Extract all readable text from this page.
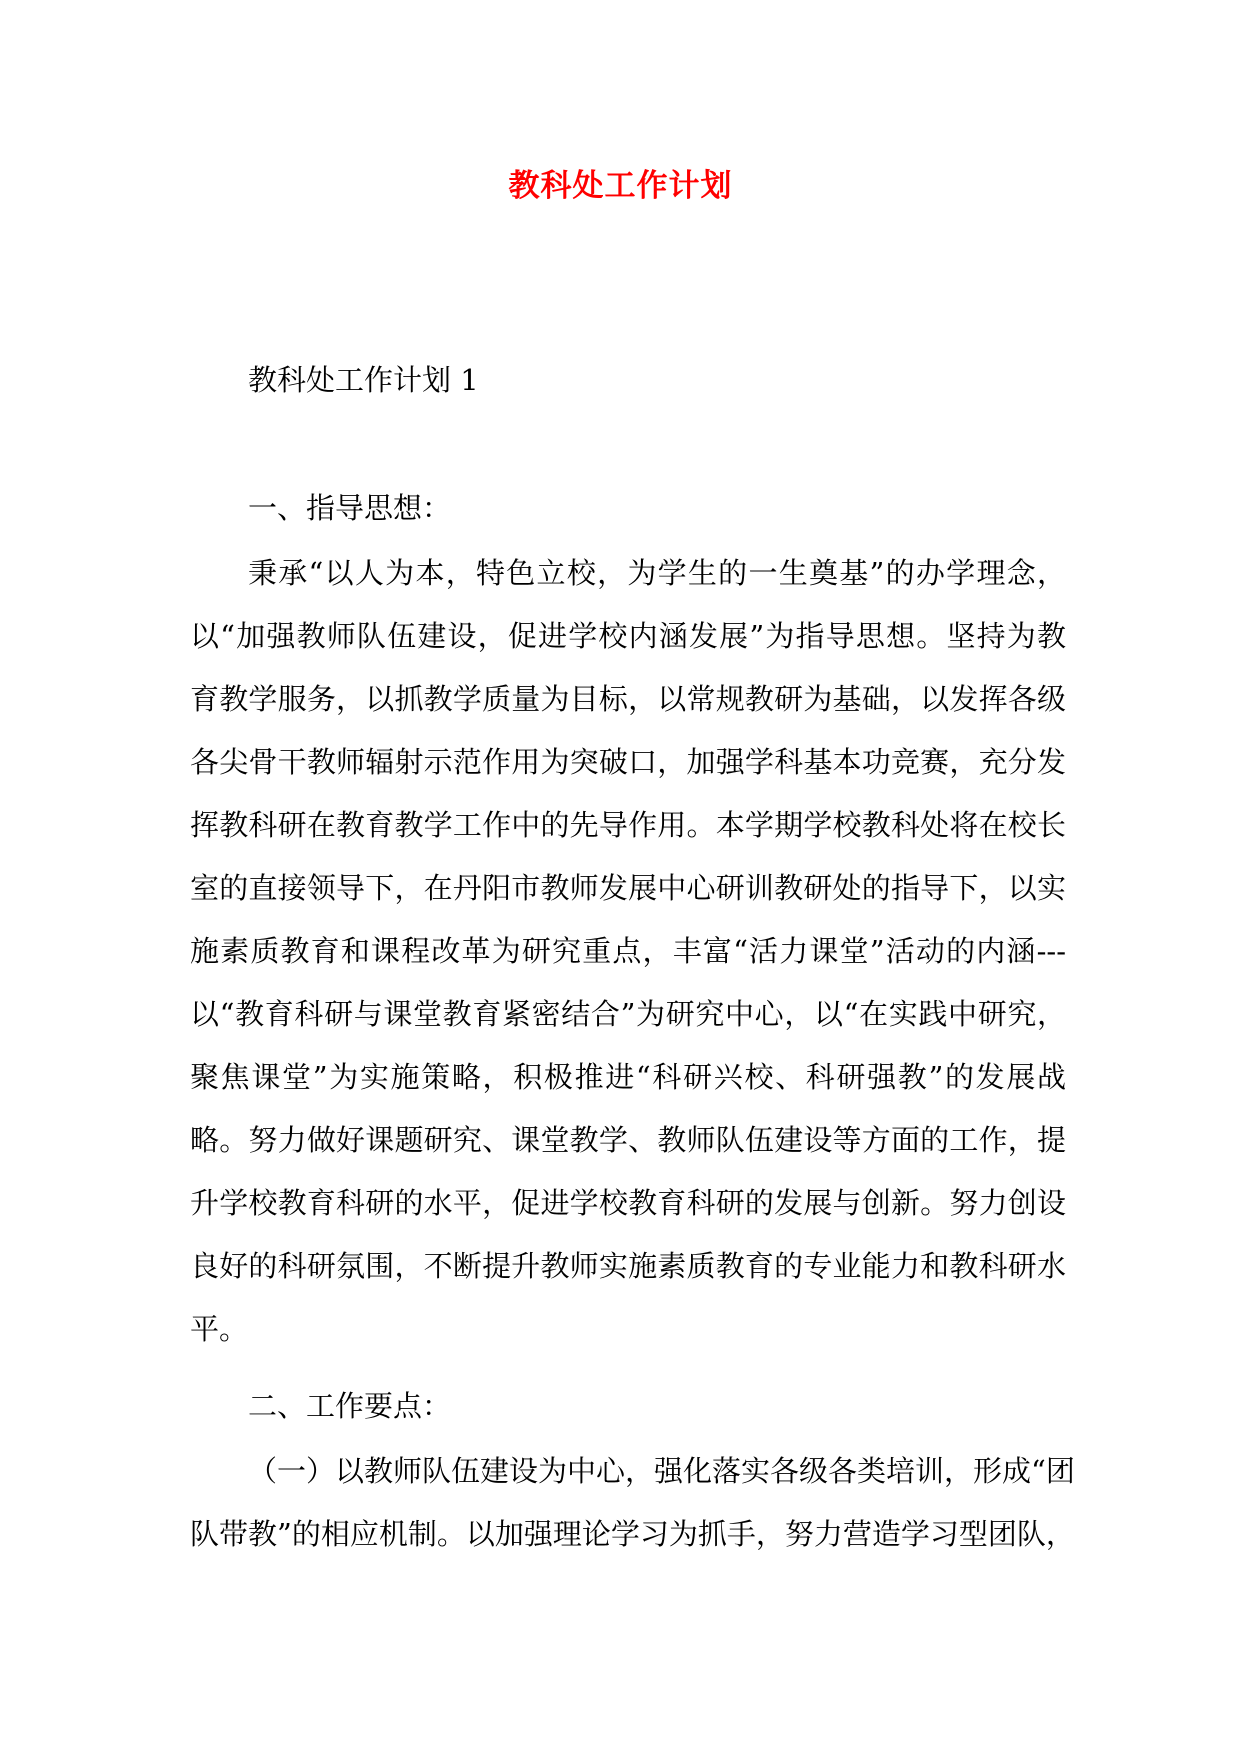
教科处工作计划

教科处工作计划 1

一、指导思想：

秉承“以人为本，特色立校，为学生的一生奠基”的办学理念，

以“加强教师队伍建设，促进学校内涵发展”为指导思想。坚持为教

育教学服务，以抓教学质量为目标，以常规教研为基础，以发挥各级

各尖骨干教师辐射示范作用为突破口，加强学科基本功竞赛，充分发

挥教科研在教育教学工作中的先导作用。本学期学校教科处将在校长

室的直接领导下，在丹阳市教师发展中心研训教研处的指导下，以实

施素质教育和课程改革为研究重点，丰富“活力课堂”活动的内涵---

以“教育科研与课堂教育紧密结合”为研究中心，以“在实践中研究，

聚焦课堂”为实施策略，积极推进“科研兴校、科研强教”的发展战

略。努力做好课题研究、课堂教学、教师队伍建设等方面的工作，提

升学校教育科研的水平，促进学校教育科研的发展与创新。努力创设

良好的科研氛围，不断提升教师实施素质教育的专业能力和教科研水

平。

二、工作要点：

（一）以教师队伍建设为中心，强化落实各级各类培训，形成“团

队带教”的相应机制。以加强理论学习为抓手，努力营造学习型团队，
